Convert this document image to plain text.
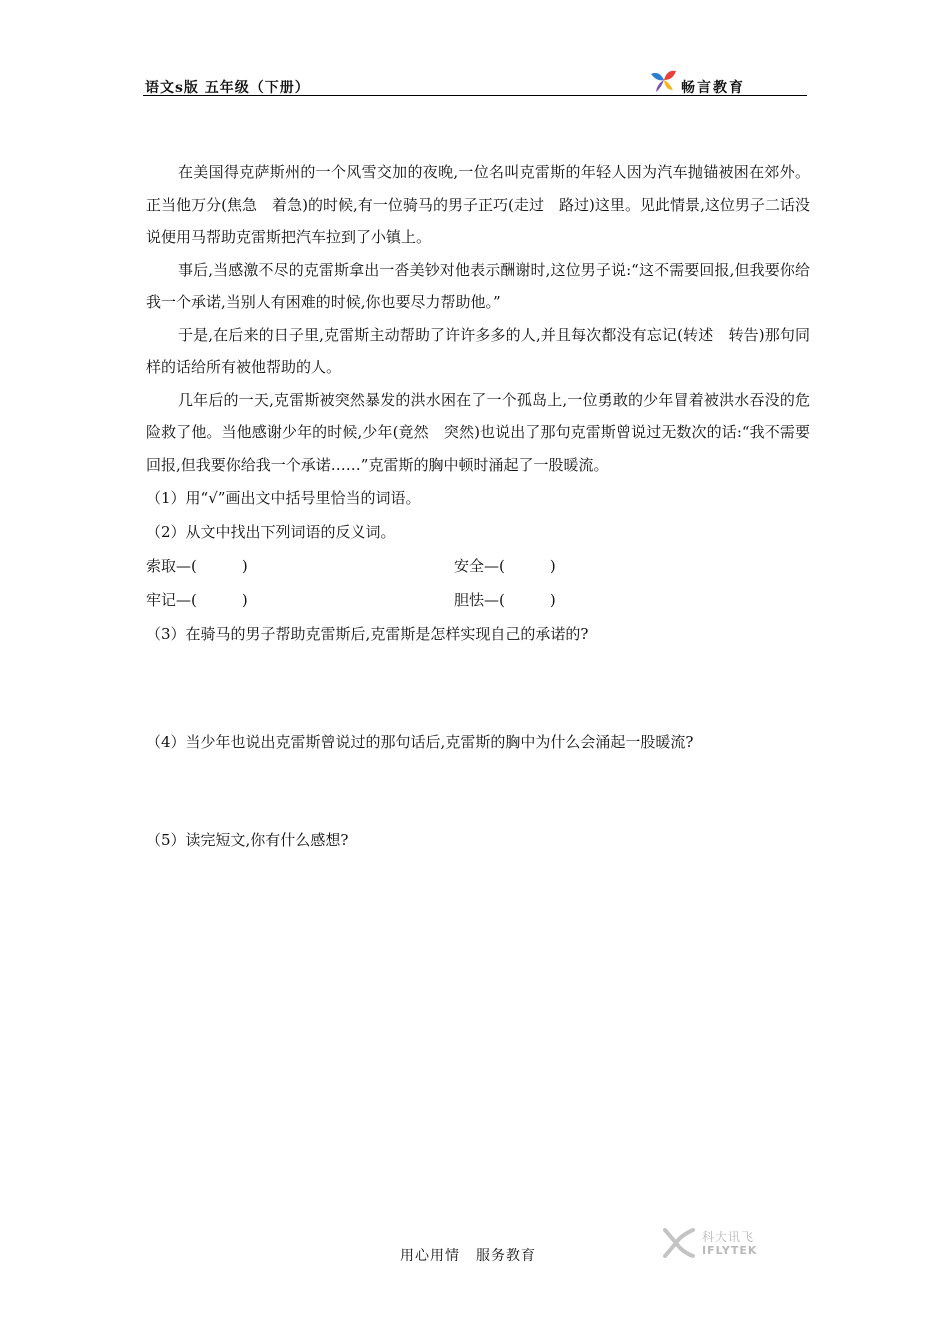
语文s版 五年级（下册）	畅言教育

在美国得克萨斯州的一个风雪交加的夜晚,一位名叫克雷斯的年轻人因为汽车抛锚被困在郊外。正当他万分(焦急　着急)的时候,有一位骑马的男子正巧(走过　路过)这里。见此情景,这位男子二话没说便用马帮助克雷斯把汽车拉到了小镇上。

事后,当感激不尽的克雷斯拿出一沓美钞对他表示酬谢时,这位男子说:“这不需要回报,但我要你给我一个承诺,当别人有困难的时候,你也要尽力帮助他。”

于是,在后来的日子里,克雷斯主动帮助了许许多多的人,并且每次都没有忘记(转述　转告)那句同样的话给所有被他帮助的人。

几年后的一天,克雷斯被突然暴发的洪水困在了一个孤岛上,一位勇敢的少年冒着被洪水吞没的危险救了他。当他感谢少年的时候,少年(竟然　突然)也说出了那句克雷斯曾说过无数次的话:“我不需要回报,但我要你给我一个承诺……”克雷斯的胸中顿时涌起了一股暖流。

（1）用“√”画出文中括号里恰当的词语。

（2）从文中找出下列词语的反义词。

索取—(　　　)	安全—(　　　)
牢记—(　　　)	胆怯—(　　　)

（3）在骑马的男子帮助克雷斯后,克雷斯是怎样实现自己的承诺的?

（4）当少年也说出克雷斯曾说过的那句话后,克雷斯的胸中为什么会涌起一股暖流?

（5）读完短文,你有什么感想?

科大讯飞
IFLYTEK
用心用情 服务教育
